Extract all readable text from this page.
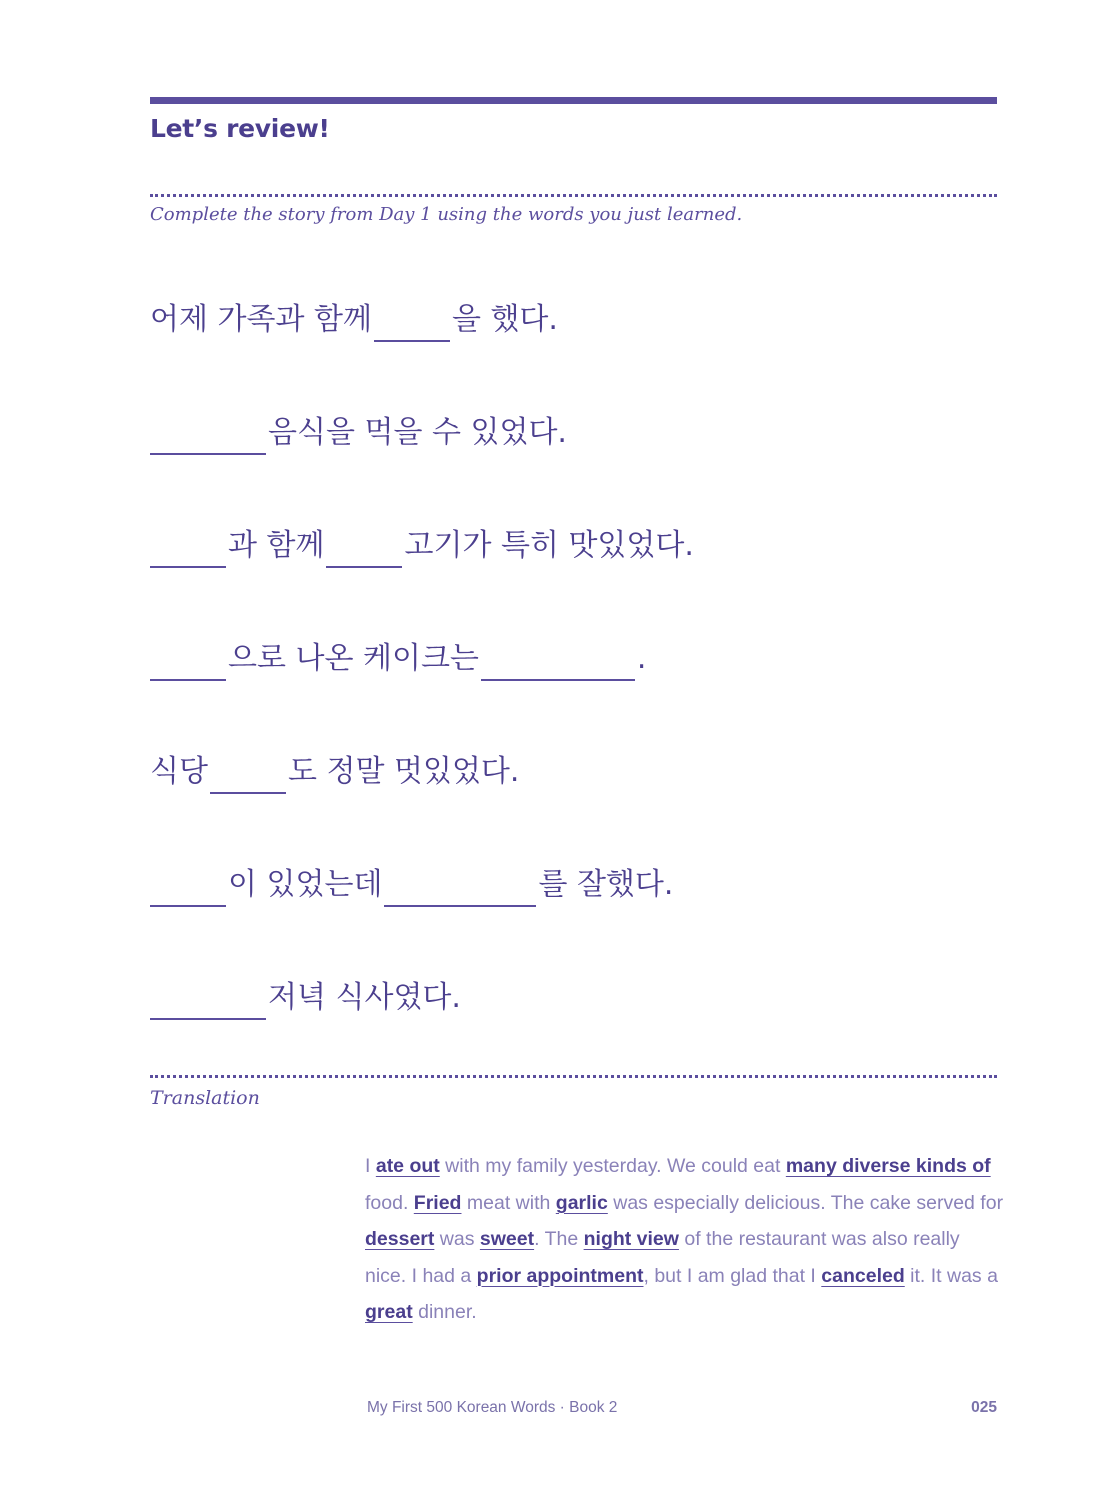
Let’s review!

Complete the story from Day 1 using the words you just learned.

어제 가족과 함께	을 했다.
음식을 먹을 수 있었다.
과 함께	고기가 특히 맛있었다.
으로 나온 케이크는	.
식당	도 정말 멋있었다.
이 있었는데	를 잘했다.
저녁 식사였다.

Translation

I ate out with my family yesterday. We could eat many diverse kinds of food. Fried meat with garlic was especially delicious. The cake served for dessert was sweet. The night view of the restaurant was also really nice. I had a prior appointment, but I am glad that I canceled it. It was a great dinner.

My First 500 Korean Words · Book 2	025
